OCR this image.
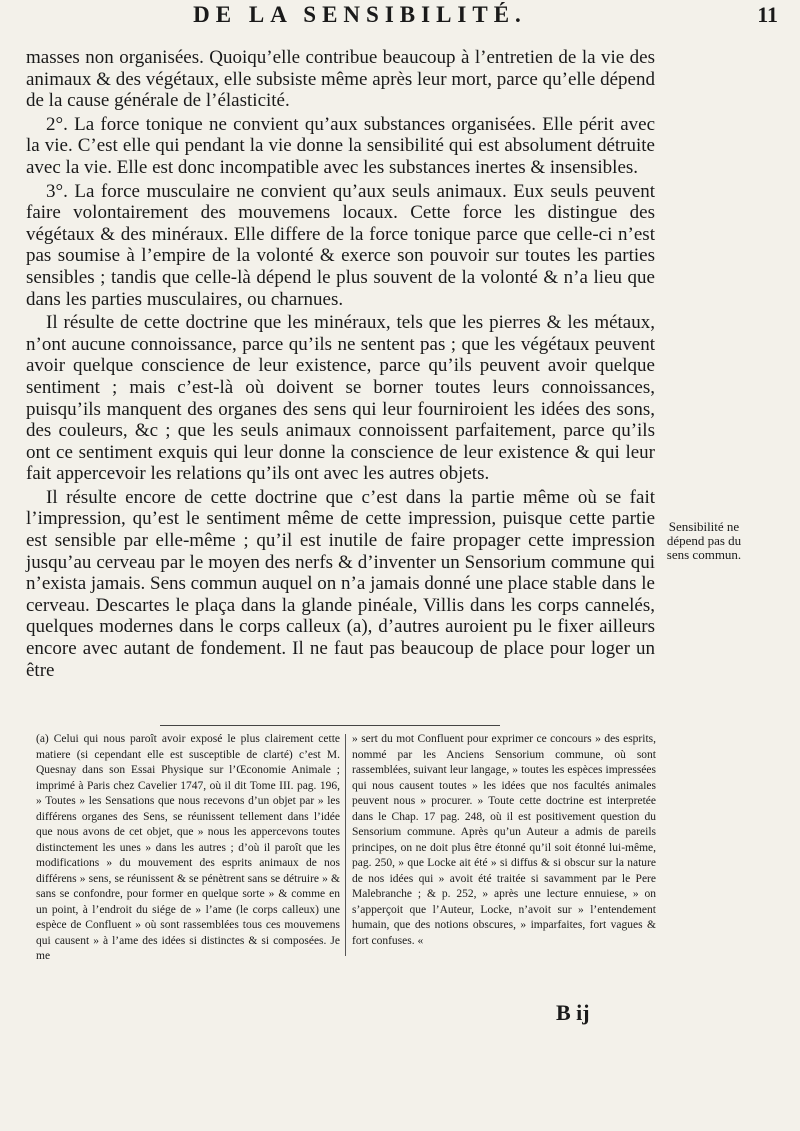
DE LA SENSIBILITÉ.	11

masses non organisées. Quoiqu’elle contribue beaucoup à l’entretien de la vie des animaux & des végétaux, elle subsiste même après leur mort, parce qu’elle dépend de la cause générale de l’élasticité.

2°. La force tonique ne convient qu’aux substances organisées. Elle périt avec la vie. C’est elle qui pendant la vie donne la sensibilité qui est absolument détruite avec la vie. Elle est donc incompatible avec les substances inertes & insensibles.

3°. La force musculaire ne convient qu’aux seuls animaux. Eux seuls peuvent faire volontairement des mouvemens locaux. Cette force les distingue des végétaux & des minéraux. Elle differe de la force tonique parce que celle-ci n’est pas soumise à l’empire de la volonté & exerce son pouvoir sur toutes les parties sensibles ; tandis que celle-là dépend le plus souvent de la volonté & n’a lieu que dans les parties musculaires, ou charnues.

Il résulte de cette doctrine que les minéraux, tels que les pierres & les métaux, n’ont aucune connoissance, parce qu’ils ne sentent pas ; que les végétaux peuvent avoir quelque conscience de leur existence, parce qu’ils peuvent avoir quelque sentiment ; mais c’est-là où doivent se borner toutes leurs connoissances, puisqu’ils manquent des organes des sens qui leur fourniroient les idées des sons, des couleurs, &c ; que les seuls animaux connoissent parfaitement, parce qu’ils ont ce sentiment exquis qui leur donne la conscience de leur existence & qui leur fait appercevoir les relations qu’ils ont avec les autres objets.

Il résulte encore de cette doctrine que c’est dans la partie même où se fait l’impression, qu’est le sentiment même de cette impression, puisque cette partie est sensible par elle-même ; qu’il est inutile de faire propager cette impression jusqu’au cerveau par le moyen des nerfs & d’inventer un Sensorium commune qui n’exista jamais. Sens commun auquel on n’a jamais donné une place stable dans le cerveau. Descartes le plaça dans la glande pinéale, Villis dans les corps cannelés, quelques modernes dans le corps calleux (a), d’autres auroient pu le fixer ailleurs encore avec autant de fondement. Il ne faut pas beaucoup de place pour loger un être

Sensibilité ne dépend pas du sens commun.
(a) Celui qui nous paroît avoir exposé le plus clairement cette matiere (si cependant elle est susceptible de clarté) c’est M. Quesnay dans son Essai Physique sur l’Œconomie Animale ; imprimé à Paris chez Cavelier 1747, où il dit Tome III. pag. 196, » Toutes » les Sensations que nous recevons d’un objet par » les différens organes des Sens, se réunissent tellement dans l’idée que nous avons de cet objet, que » nous les appercevons toutes distinctement les unes » dans les autres ; d’où il paroît que les modifications » du mouvement des esprits animaux de nos différens » sens, se réunissent & se pénètrent sans se détruire » & sans se confondre, pour former en quelque sorte » & comme en un point, à l’endroit du siége de » l’ame (le corps calleux) une espèce de Confluent » où sont rassemblées tous ces mouvemens qui causent » à l’ame des idées si distinctes & si composées. Je me
» sert du mot Confluent pour exprimer ce concours » des esprits, nommé par les Anciens Sensorium commune, où sont rassemblées, suivant leur langage, » toutes les espèces impressées qui nous causent toutes » les idées que nos facultés animales peuvent nous » procurer. » Toute cette doctrine est interpretée dans le Chap. 17 pag. 248, où il est positivement question du Sensorium commune. Après qu’un Auteur a admis de pareils principes, on ne doit plus être étonné qu’il soit étonné lui-même, pag. 250, » que Locke ait été » si diffus & si obscur sur la nature de nos idées qui » avoit été traitée si savamment par le Pere Malebranche ; & p. 252, » après une lecture ennuiese, » on s’apperçoit que l’Auteur, Locke, n’avoit sur » l’entendement humain, que des notions obscures, » imparfaites, fort vagues & fort confuses. «
B ij
